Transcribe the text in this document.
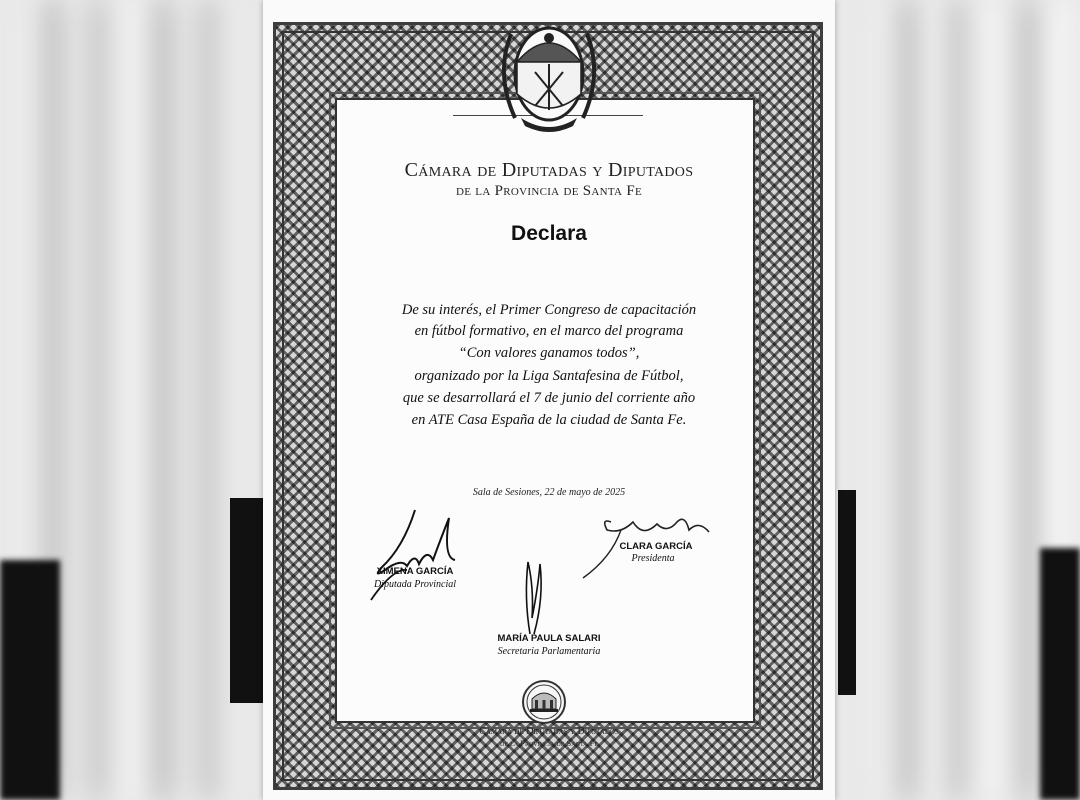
Cámara de Diputadas y Diputados
de la Provincia de Santa Fe
Declara
De su interés, el Primer Congreso de capacitación
en fútbol formativo, en el marco del programa
“Con valores ganamos todos”,
organizado por la Liga Santafesina de Fútbol,
que se desarrollará el 7 de junio del corriente año
en ATE Casa España de la ciudad de Santa Fe.
Sala de Sesiones, 22 de mayo de 2025
XIMENA GARCÍA
Diputada Provincial
CLARA GARCÍA
Presidenta
MARÍA PAULA SALARI
Secretaria Parlamentaria
Cámara de Diputadas y Diputados
de la Provincia de Santa Fe
